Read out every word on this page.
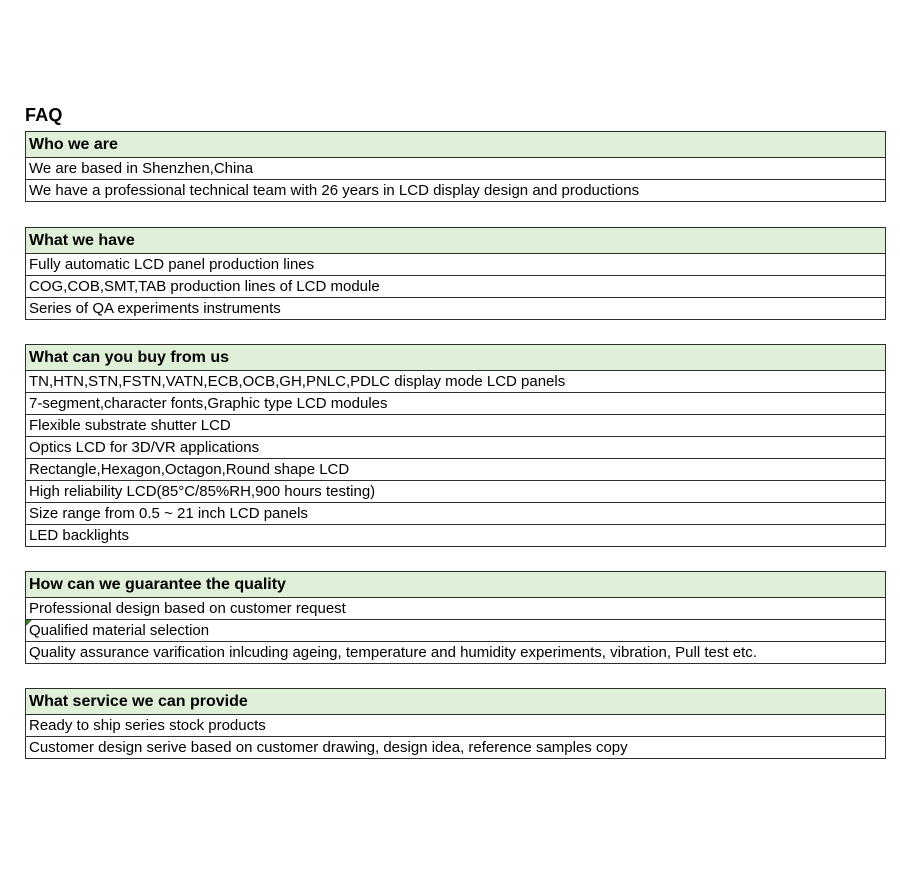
FAQ
Who we are
We are based in Shenzhen,China
We have a professional technical team with 26 years in LCD display design and productions
What we have
Fully automatic LCD panel production lines
COG,COB,SMT,TAB production lines of LCD module
Series of QA experiments instruments
What can you buy from us
TN,HTN,STN,FSTN,VATN,ECB,OCB,GH,PNLC,PDLC display mode LCD panels
7-segment,character fonts,Graphic type LCD modules
Flexible substrate shutter LCD
Optics LCD for 3D/VR applications
Rectangle,Hexagon,Octagon,Round shape LCD
High reliability LCD(85°C/85%RH,900 hours testing)
Size range from 0.5 ~ 21 inch LCD panels
LED backlights
How can we guarantee the quality
Professional design based on customer request
Qualified material selection
Quality assurance varification inlcuding ageing, temperature and humidity experiments, vibration, Pull test etc.
What service we can provide
Ready to ship series stock products
Customer design serive based on customer drawing, design idea, reference samples copy
